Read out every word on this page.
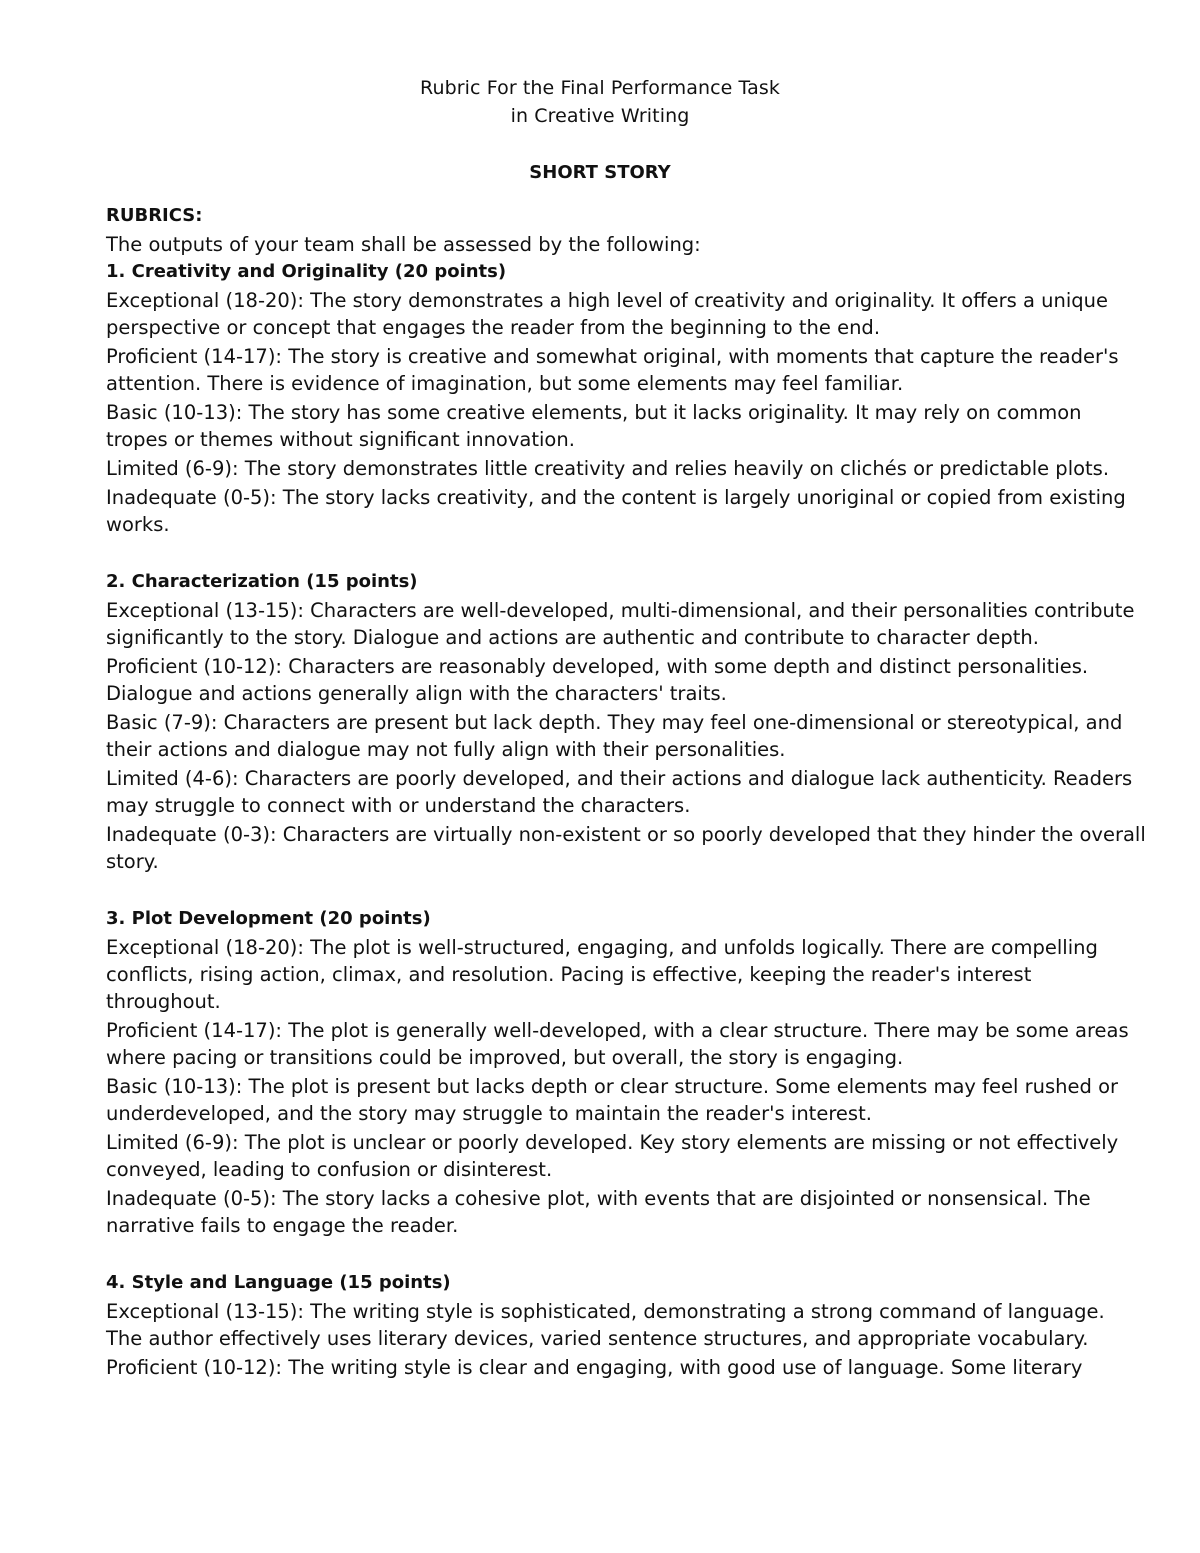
Rubric For the Final Performance Task
in Creative Writing
SHORT STORY
RUBRICS:
The outputs of your team shall be assessed by the following:
1. Creativity and Originality (20 points)
Exceptional (18-20): The story demonstrates a high level of creativity and originality. It offers a unique perspective or concept that engages the reader from the beginning to the end.
Proficient (14-17): The story is creative and somewhat original, with moments that capture the reader's attention. There is evidence of imagination, but some elements may feel familiar.
Basic (10-13): The story has some creative elements, but it lacks originality. It may rely on common tropes or themes without significant innovation.
Limited (6-9): The story demonstrates little creativity and relies heavily on clichés or predictable plots.
Inadequate (0-5): The story lacks creativity, and the content is largely unoriginal or copied from existing works.
2. Characterization (15 points)
Exceptional (13-15): Characters are well-developed, multi-dimensional, and their personalities contribute significantly to the story. Dialogue and actions are authentic and contribute to character depth.
Proficient (10-12): Characters are reasonably developed, with some depth and distinct personalities. Dialogue and actions generally align with the characters' traits.
Basic (7-9): Characters are present but lack depth. They may feel one-dimensional or stereotypical, and their actions and dialogue may not fully align with their personalities.
Limited (4-6): Characters are poorly developed, and their actions and dialogue lack authenticity. Readers may struggle to connect with or understand the characters.
Inadequate (0-3): Characters are virtually non-existent or so poorly developed that they hinder the overall story.
3. Plot Development (20 points)
Exceptional (18-20): The plot is well-structured, engaging, and unfolds logically. There are compelling conflicts, rising action, climax, and resolution. Pacing is effective, keeping the reader's interest throughout.
Proficient (14-17): The plot is generally well-developed, with a clear structure. There may be some areas where pacing or transitions could be improved, but overall, the story is engaging.
Basic (10-13): The plot is present but lacks depth or clear structure. Some elements may feel rushed or underdeveloped, and the story may struggle to maintain the reader's interest.
Limited (6-9): The plot is unclear or poorly developed. Key story elements are missing or not effectively conveyed, leading to confusion or disinterest.
Inadequate (0-5): The story lacks a cohesive plot, with events that are disjointed or nonsensical. The narrative fails to engage the reader.
4. Style and Language (15 points)
Exceptional (13-15): The writing style is sophisticated, demonstrating a strong command of language. The author effectively uses literary devices, varied sentence structures, and appropriate vocabulary.
Proficient (10-12): The writing style is clear and engaging, with good use of language. Some literary
